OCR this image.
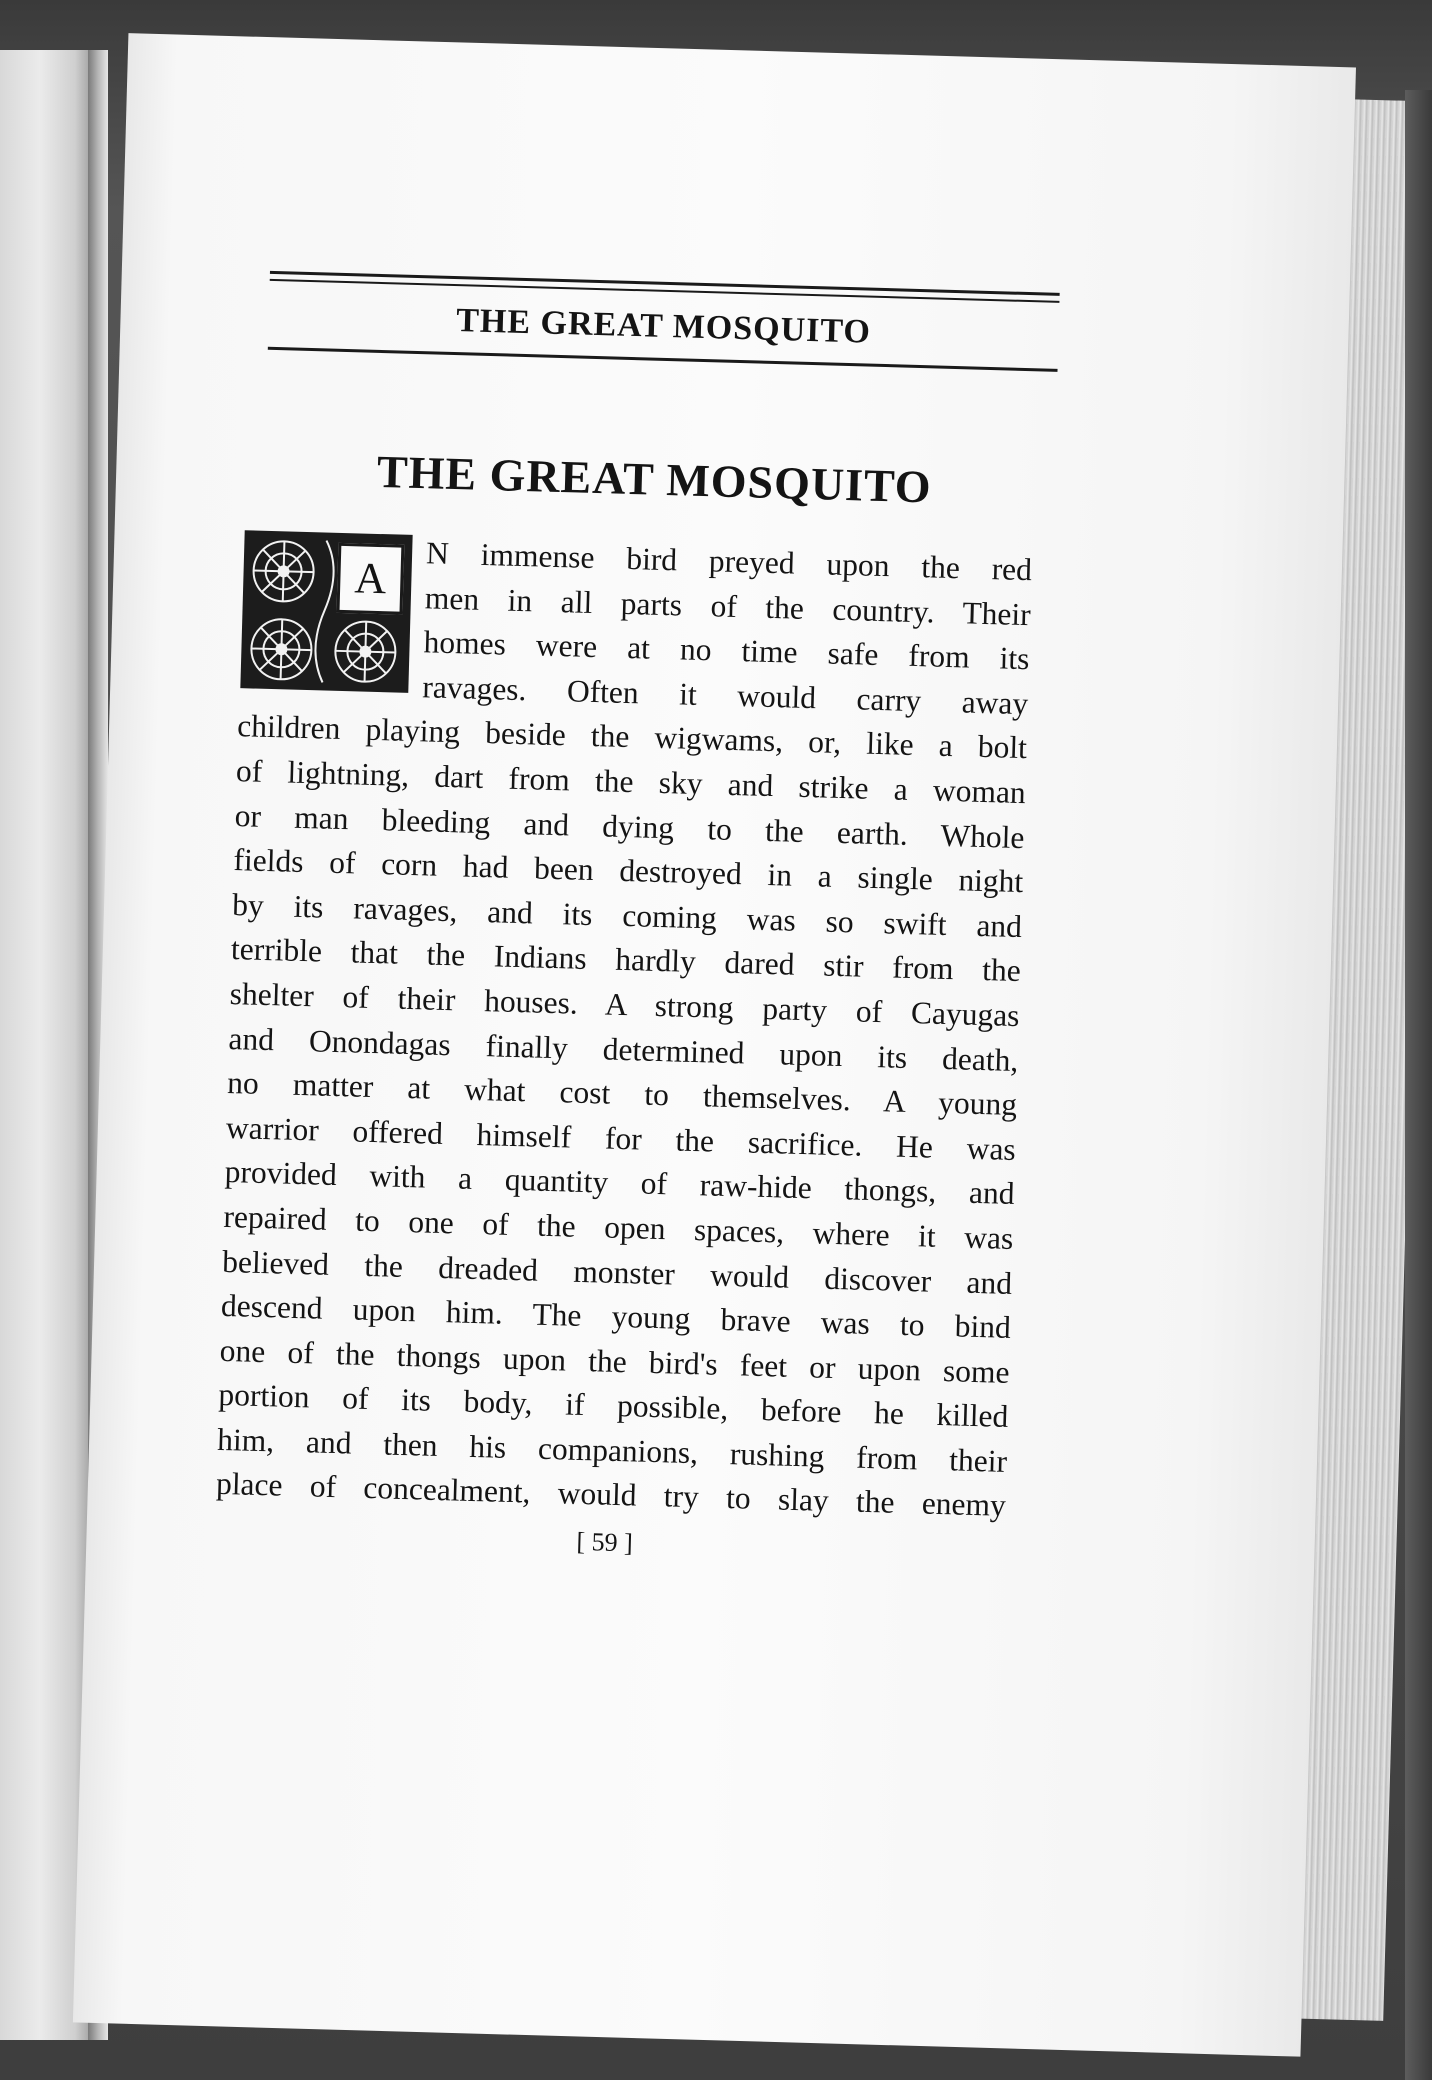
THE GREAT MOSQUITO
THE GREAT MOSQUITO
A	N immense bird preyed upon the red
men in all parts of the country. Their
homes were at no time safe from its
ravages. Often it would carry away
children playing beside the wigwams, or, like a bolt
of lightning, dart from the sky and strike a woman
or man bleeding and dying to the earth. Whole
fields of corn had been destroyed in a single night
by its ravages, and its coming was so swift and
terrible that the Indians hardly dared stir from the
shelter of their houses. A strong party of Cayugas
and Onondagas finally determined upon its death,
no matter at what cost to themselves. A young
warrior offered himself for the sacrifice. He was
provided with a quantity of raw-hide thongs, and
repaired to one of the open spaces, where it was
believed the dreaded monster would discover and
descend upon him. The young brave was to bind
one of the thongs upon the bird's feet or upon some
portion of its body, if possible, before he killed
him, and then his companions, rushing from their
place of concealment, would try to slay the enemy
[ 59 ]
